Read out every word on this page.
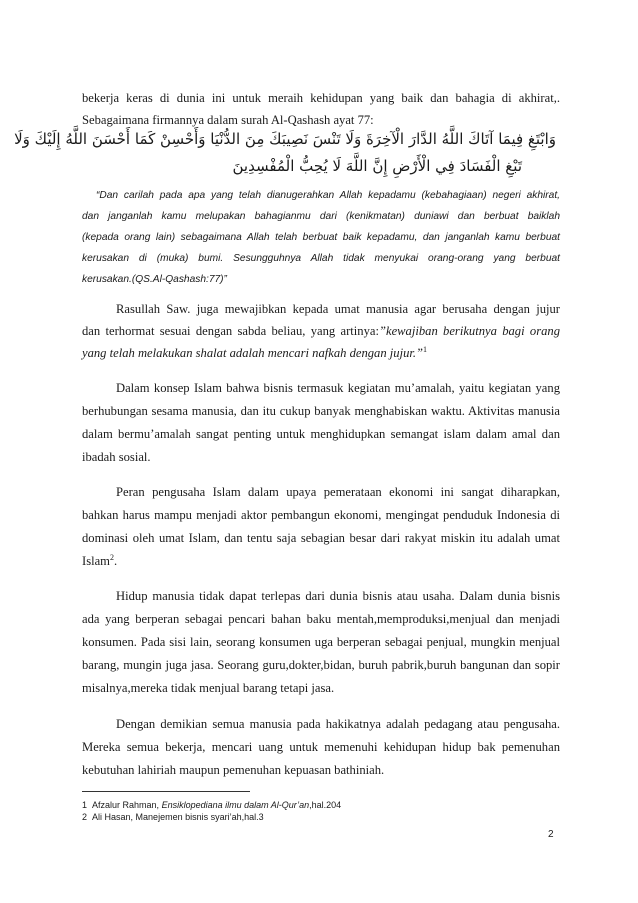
bekerja keras di dunia ini untuk meraih kehidupan yang baik dan bahagia di akhirat,.
Sebagaimana firmannya dalam surah Al-Qashash ayat 77:
وَابْتَغِ فِيمَا آتَاكَ اللَّهُ الدَّارَ الْآخِرَةَ وَلَا تَنْسَ نَصِيبَكَ مِنَ الدُّنْيَا وَأَحْسِنْ كَمَا أَحْسَنَ اللَّهُ إِلَيْكَ وَلَا
تَبْغِ الْفَسَادَ فِي الْأَرْضِ إِنَّ اللَّهَ لَا يُحِبُّ الْمُفْسِدِينَ
“Dan carilah pada apa yang telah dianugerahkan Allah kepadamu (kebahagiaan) negeri akhirat,
dan janganlah kamu melupakan bahagianmu dari (kenikmatan) duniawi dan berbuat baiklah
(kepada orang lain) sebagaimana Allah telah berbuat baik kepadamu, dan janganlah kamu berbuat
kerusakan di (muka) bumi. Sesungguhnya Allah tidak menyukai orang-orang yang berbuat
kerusakan.(QS.Al-Qashash:77)”
Rasullah Saw. juga mewajibkan kepada umat manusia agar berusaha dengan jujur
dan terhormat sesuai dengan sabda beliau, yang artinya:”kewajiban berikutnya bagi orang
yang telah melakukan shalat adalah mencari nafkah dengan jujur.”$^1$
Dalam konsep Islam bahwa bisnis termasuk kegiatan mu’amalah, yaitu kegiatan yang
berhubungan sesama manusia, dan itu cukup banyak menghabiskan waktu. Aktivitas manusia
dalam bermu’amalah sangat penting untuk menghidupkan semangat islam dalam amal dan
ibadah sosial.
Peran pengusaha Islam dalam upaya pemerataan ekonomi ini sangat diharapkan,
bahkan harus mampu menjadi aktor pembangun ekonomi, mengingat penduduk Indonesia di
dominasi oleh umat Islam, dan tentu saja sebagian besar dari rakyat miskin itu adalah umat
Islam$^2$.
Hidup manusia tidak dapat terlepas dari dunia bisnis atau usaha. Dalam dunia bisnis
ada yang berperan sebagai pencari bahan baku mentah,memproduksi,menjual dan menjadi
konsumen. Pada sisi lain, seorang konsumen uga berperan sebagai penjual, mungkin menjual
barang, mungin juga jasa. Seorang guru,dokter,bidan, buruh pabrik,buruh bangunan dan sopir
misalnya,mereka tidak menjual barang tetapi jasa.
Dengan demikian semua manusia pada hakikatnya adalah pedagang atau pengusaha.
Mereka semua bekerja, mencari uang untuk memenuhi kehidupan hidup bak pemenuhan
kebutuhan lahiriah maupun pemenuhan kepuasan bathiniah.
1 Afzalur Rahman, Ensiklopediana ilmu dalam Al-Qur’an,hal.204
2 Ali Hasan, Manejemen bisnis syari’ah,hal.3
2
